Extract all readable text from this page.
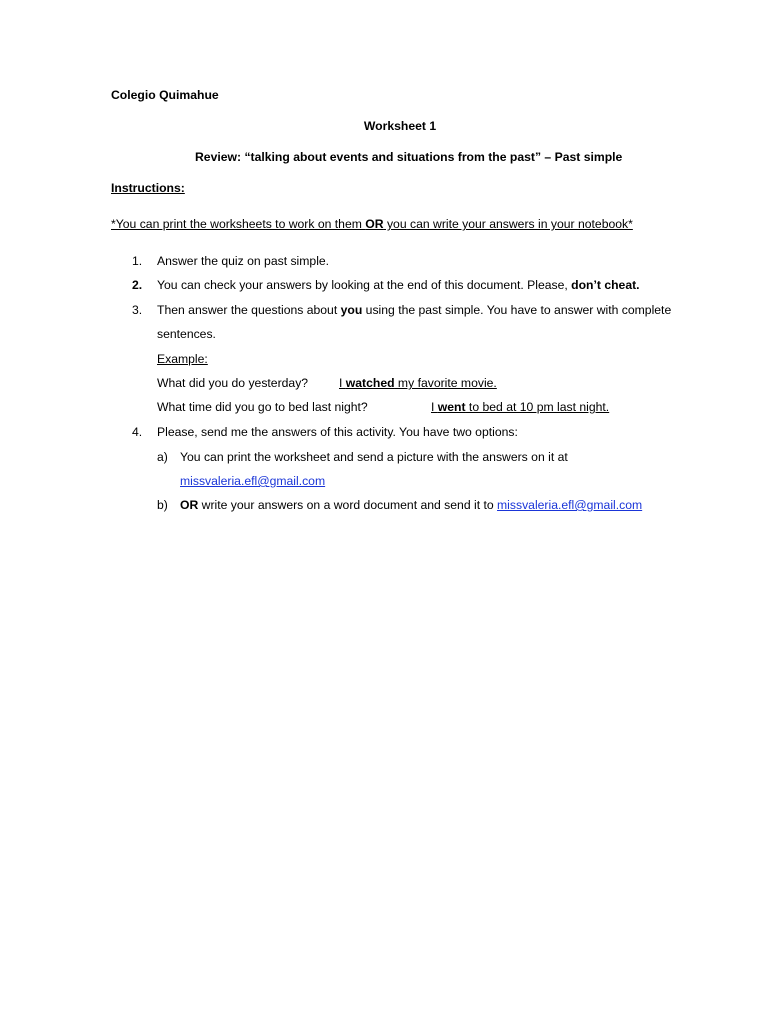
Colegio Quimahue
Worksheet 1
Review: “talking about events and situations from the past” – Past simple
Instructions:
*You can print the worksheets to work on them OR you can write your answers in your notebook*
1. Answer the quiz on past simple.
2. You can check your answers by looking at the end of this document. Please, don’t cheat.
3. Then answer the questions about you using the past simple. You have to answer with complete
sentences.
Example:
What did you do yesterday?	I watched my favorite movie.
What time did you go to bed last night?	I went to bed at 10 pm last night.
4. Please, send me the answers of this activity. You have two options:
a) You can print the worksheet and send a picture with the answers on it at
missvaleria.efl@gmail.com
b) OR write your answers on a word document and send it to missvaleria.efl@gmail.com
